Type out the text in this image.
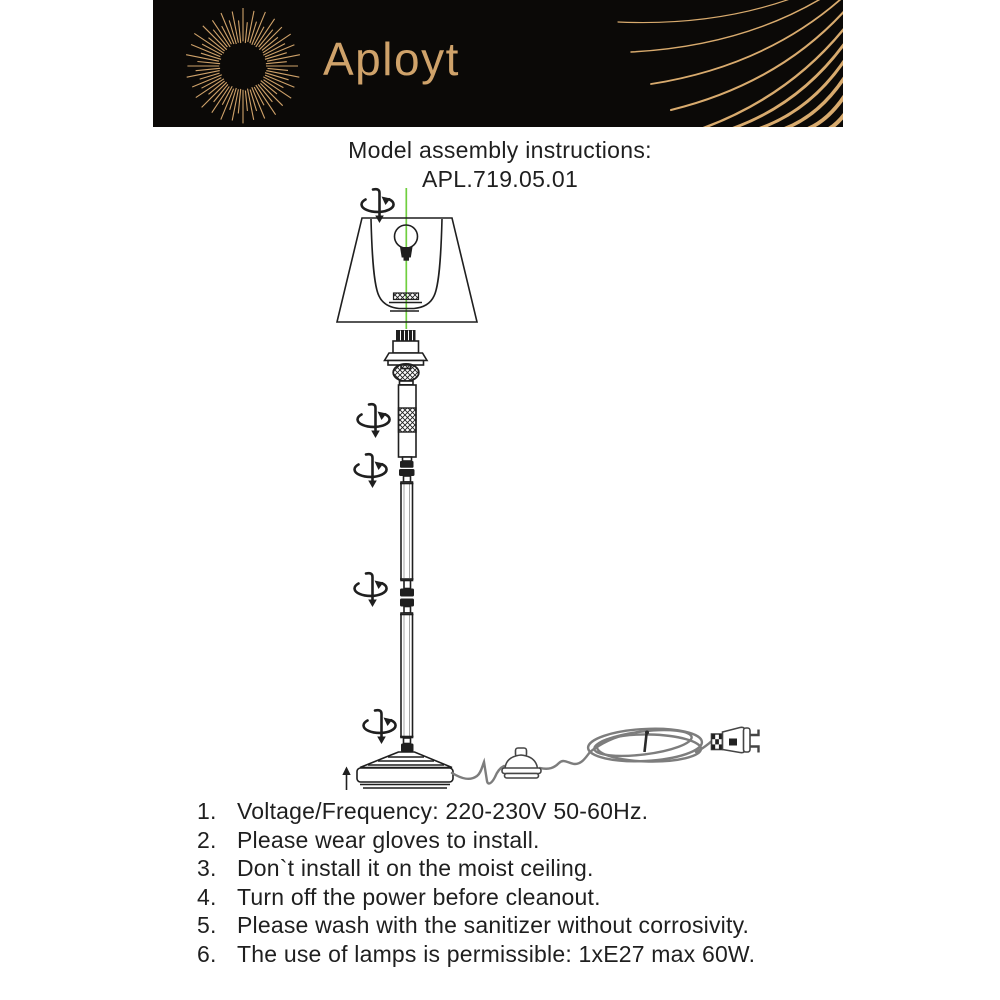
Aployt
Model assembly instructions:
APL.719.05.01
1. Voltage/Frequency: 220-230V 50-60Hz.
2. Please wear gloves to install.
3. Don`t install it on the moist ceiling.
4. Turn off the power before cleanout.
5. Please wash with the sanitizer without corrosivity.
6. The use of lamps is permissible: 1xE27 max 60W.
